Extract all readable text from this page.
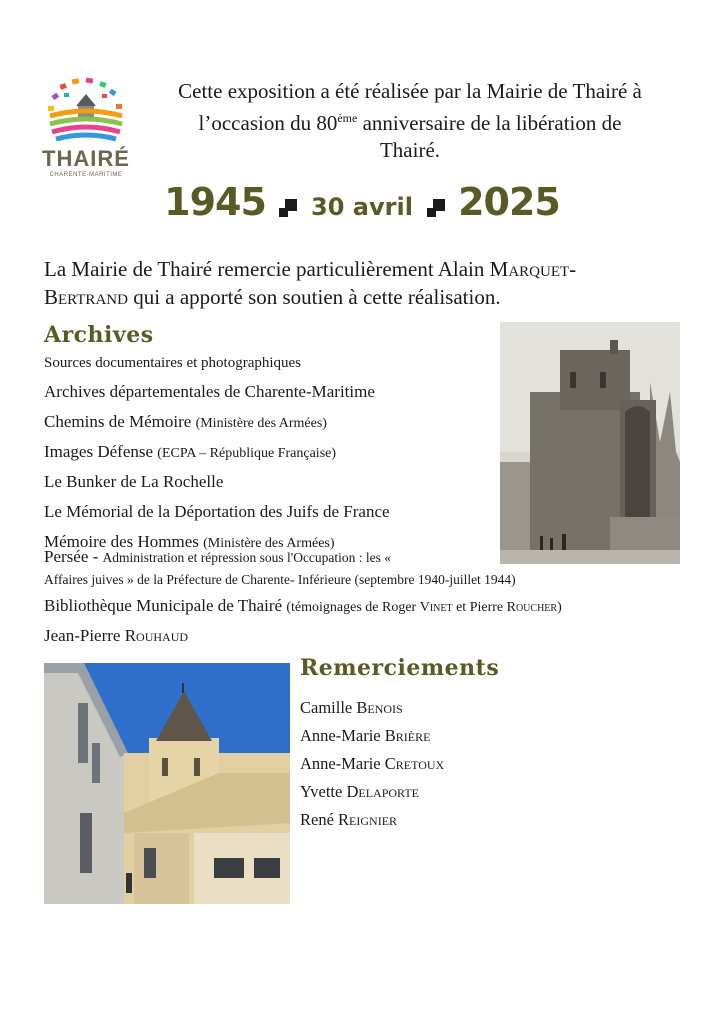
THAIRÉ
CHARENTE-MARITIME
Cette exposition a été réalisée par la Mairie de Thairé à
l’occasion du 80ème anniversaire de la libération de
Thairé.
1945 30 avril 2025
La Mairie de Thairé remercie particulièrement Alain Marquet-
Bertrand qui a apporté son soutien à cette réalisation.
Archives
Sources documentaires et photographiques
Archives départementales de Charente-Maritime
Chemins de Mémoire (Ministère des Armées)
Images Défense (ECPA – République Française)
Le Bunker de La Rochelle
Le Mémorial de la Déportation des Juifs de France
Mémoire des Hommes (Ministère des Armées)
Persée - Administration et répression sous l'Occupation : les «
Affaires juives » de la Préfecture de Charente- Inférieure (septembre 1940-juillet 1944)
Bibliothèque Municipale de Thairé (témoignages de Roger Vinet et Pierre Roucher)
Jean-Pierre Rouhaud
Remerciements
Camille Benois
Anne-Marie Brière
Anne-Marie Cretoux
Yvette Delaporte
René Reignier
